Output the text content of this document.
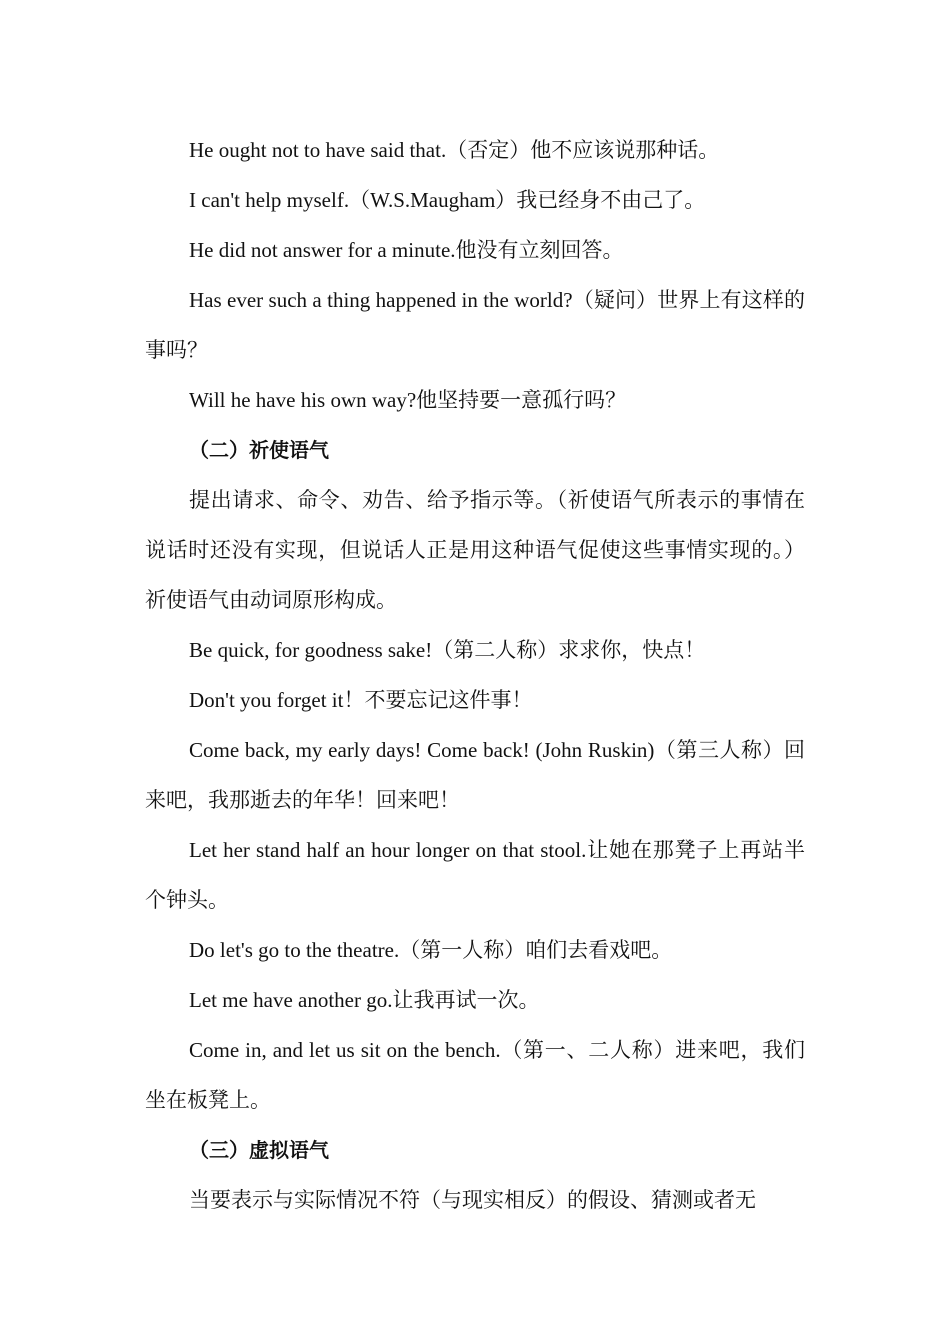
He ought not to have said that.（否定）他不应该说那种话。

I can't help myself.（W.S.Maugham）我已经身不由己了。

He did not answer for a minute.他没有立刻回答。

Has ever such a thing happened in the world?（疑问）世界上有这样的事吗？

Will he have his own way?他坚持要一意孤行吗？

（二）祈使语气

提出请求、命令、劝告、给予指示等。（祈使语气所表示的事情在说话时还没有实现，但说话人正是用这种语气促使这些事情实现的。）祈使语气由动词原形构成。

Be quick, for goodness sake!（第二人称）求求你，快点！

Don't you forget it！不要忘记这件事！

Come back, my early days! Come back! (John Ruskin)（第三人称）回来吧，我那逝去的年华！回来吧！

Let her stand half an hour longer on that stool.让她在那凳子上再站半个钟头。

Do let's go to the theatre.（第一人称）咱们去看戏吧。

Let me have another go.让我再试一次。

Come in, and let us sit on the bench.（第一、二人称）进来吧，我们坐在板凳上。

（三）虚拟语气

当要表示与实际情况不符（与现实相反）的假设、猜测或者无
